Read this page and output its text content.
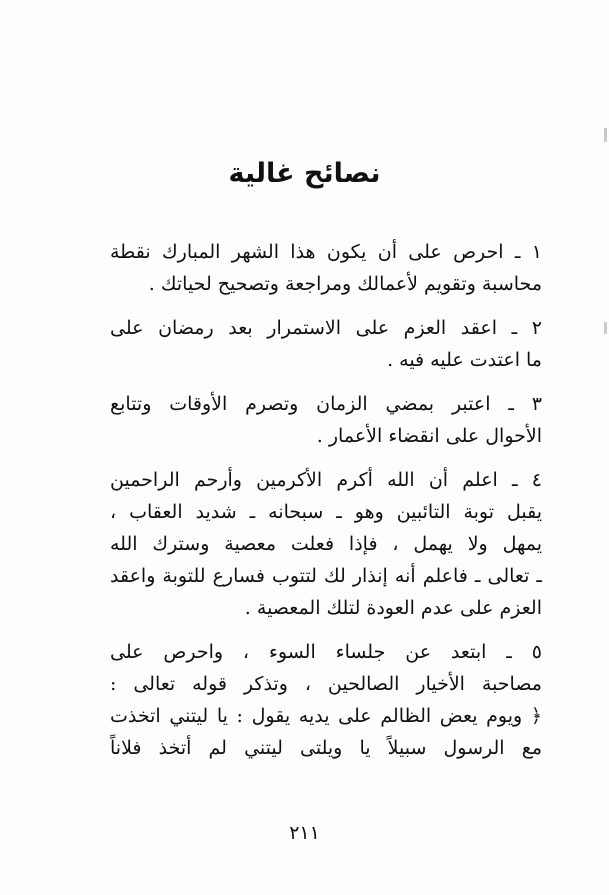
نصائح غالية
١ ـ احرص على أن يكون هذا الشهر المبارك نقطة
محاسبة وتقويم لأعمالك ومراجعة وتصحيح لحياتك .
٢ ـ اعقد العزم على الاستمرار بعد رمضان على
ما اعتدت عليه فيه .
٣ ـ اعتبر بمضي الزمان وتصرم الأوقات وتتابع
الأحوال على انقضاء الأعمار .
٤ ـ اعلم أن الله أكرم الأكرمين وأرحم الراحمين
يقبل توبة التائبين وهو ـ سبحانه ـ شديد العقاب ،
يمهل ولا يهمل ، فإذا فعلت معصية وسترك الله
ـ تعالى ـ فاعلم أنه إنذار لك لتتوب فسارع للتوبة واعقد
العزم على عدم العودة لتلك المعصية .
٥ ـ ابتعد عن جلساء السوء ، واحرص على
مصاحبة الأخيار الصالحين ، وتذكر قوله تعالى :
﴿ ويوم يعض الظالم على يديه يقول : يا ليتني اتخذت
مع الرسول سبيلاً يا ويلتى ليتني لم أتخذ فلاناً
٢١١
